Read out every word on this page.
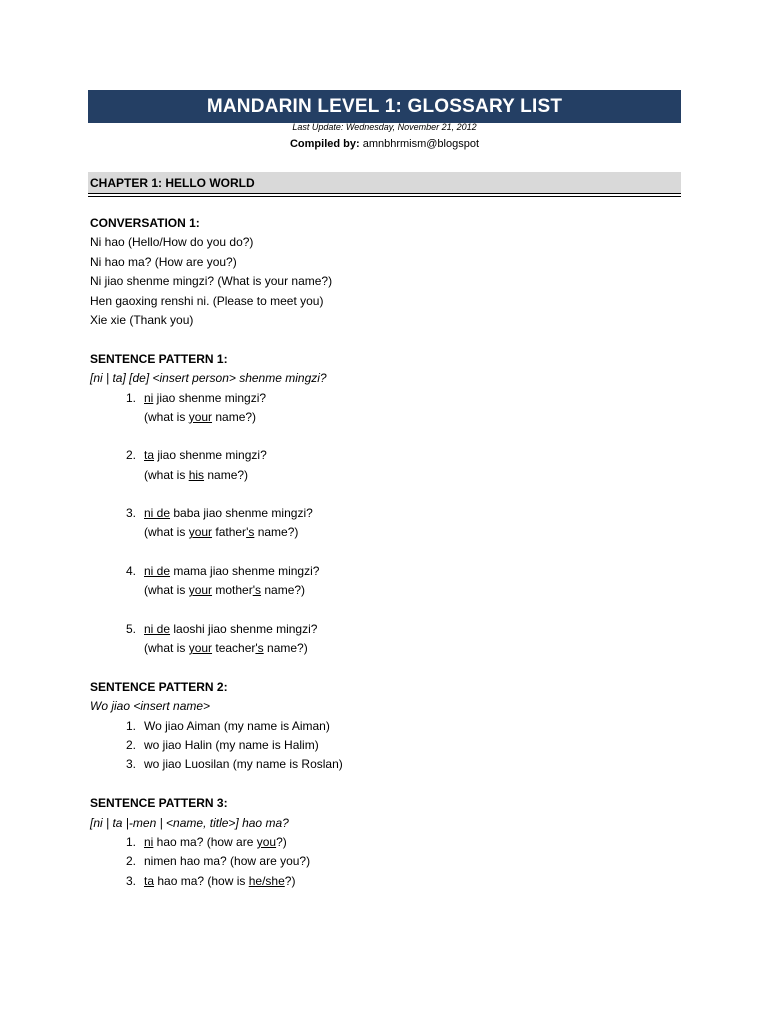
MANDARIN LEVEL 1: GLOSSARY LIST
Last Update: Wednesday, November 21, 2012
Compiled by: amnbhrmism@blogspot
CHAPTER 1: HELLO WORLD
CONVERSATION 1:
Ni hao (Hello/How do you do?)
Ni hao ma? (How are you?)
Ni jiao shenme mingzi? (What is your name?)
Hen gaoxing renshi ni. (Please to meet you)
Xie xie (Thank you)
SENTENCE PATTERN 1:
[ni | ta] [de] <insert person> shenme mingzi?
1. ni jiao shenme mingzi?
(what is your name?)
2. ta jiao shenme mingzi?
(what is his name?)
3. ni de baba jiao shenme mingzi?
(what is your father's name?)
4. ni de mama jiao shenme mingzi?
(what is your mother's name?)
5. ni de laoshi jiao shenme mingzi?
(what is your teacher's name?)
SENTENCE PATTERN 2:
Wo jiao <insert name>
1. Wo jiao Aiman (my name is Aiman)
2. wo jiao Halin (my name is Halim)
3. wo jiao Luosilan (my name is Roslan)
SENTENCE PATTERN 3:
[ni | ta |-men | <name, title>] hao ma?
1. ni hao ma? (how are you?)
2. nimen hao ma? (how are you?)
3. ta hao ma? (how is he/she?)
